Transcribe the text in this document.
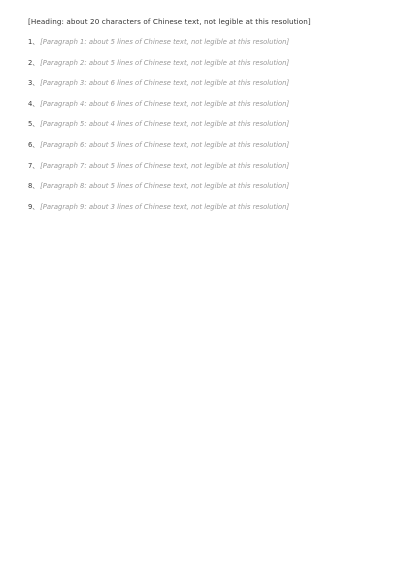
[Heading: about 20 characters of Chinese text, not legible at this resolution]

1、[Paragraph 1: about 5 lines of Chinese text, not legible at this resolution]

2、[Paragraph 2: about 5 lines of Chinese text, not legible at this resolution]

3、[Paragraph 3: about 6 lines of Chinese text, not legible at this resolution]

4、[Paragraph 4: about 6 lines of Chinese text, not legible at this resolution]

5、[Paragraph 5: about 4 lines of Chinese text, not legible at this resolution]

6、[Paragraph 6: about 5 lines of Chinese text, not legible at this resolution]

7、[Paragraph 7: about 5 lines of Chinese text, not legible at this resolution]

8、[Paragraph 8: about 5 lines of Chinese text, not legible at this resolution]

9、[Paragraph 9: about 3 lines of Chinese text, not legible at this resolution]
